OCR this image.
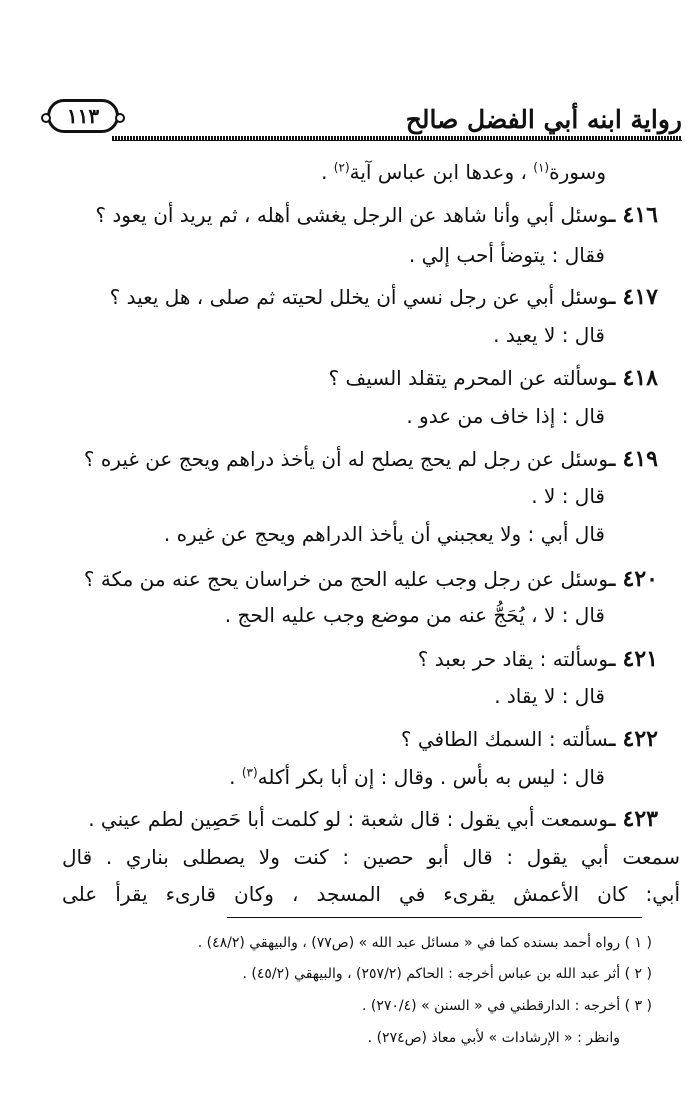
رواية ابنه أبي الفضل صالح
١١٣
وسورة$^{(١)}$ ، وعدها ابن عباس آية$^{(٢)}$ .
٤١٦ ـوسئل أبي وأنا شاهد عن الرجل يغشى أهله ، ثم يريد أن يعود ؟
فقال : يتوضأ أحب إلي .
٤١٧ ـوسئل أبي عن رجل نسي أن يخلل لحيته ثم صلى ، هل يعيد ؟
قال : لا يعيد .
٤١٨ ـوسألته عن المحرم يتقلد السيف ؟
قال : إذا خاف من عدو .
٤١٩ ـوسئل عن رجل لم يحج يصلح له أن يأخذ دراهم ويحج عن غيره ؟
قال : لا .
قال أبي : ولا يعجبني أن يأخذ الدراهم ويحج عن غيره .
٤٢٠ ـوسئل عن رجل وجب عليه الحج من خراسان يحج عنه من مكة ؟
قال : لا ، يُحَجُّ عنه من موضع وجب عليه الحج .
٤٢١ ـوسألته : يقاد حر بعبد ؟
قال : لا يقاد .
٤٢٢ ـسألته : السمك الطافي ؟
قال : ليس به بأس . وقال : إن أبا بكر أكله$^{(٣)}$ .
٤٢٣ ـوسمعت أبي يقول : قال شعبة : لو كلمت أبا حَصِين لطم عيني .
سمعت أبي يقول : قال أبو حصين : كنت ولا يصطلى بناري . قال
أبي: كان الأعمش يقرىء في المسجد ، وكان قارىء يقرأ على
( ١ ) رواه أحمد بسنده كما في « مسائل عبد الله » (ص٧٧) ، والبيهقي (٤٨/٢) .
( ٢ ) أثر عبد الله بن عباس أخرجه : الحاكم (٢٥٧/٢) ، والبيهقي (٤٥/٢) .
( ٣ ) أخرجه : الدارقطني في « السنن » (٢٧٠/٤) .
وانظر : « الإرشادات » لأبي معاذ (ص٢٧٤) .
